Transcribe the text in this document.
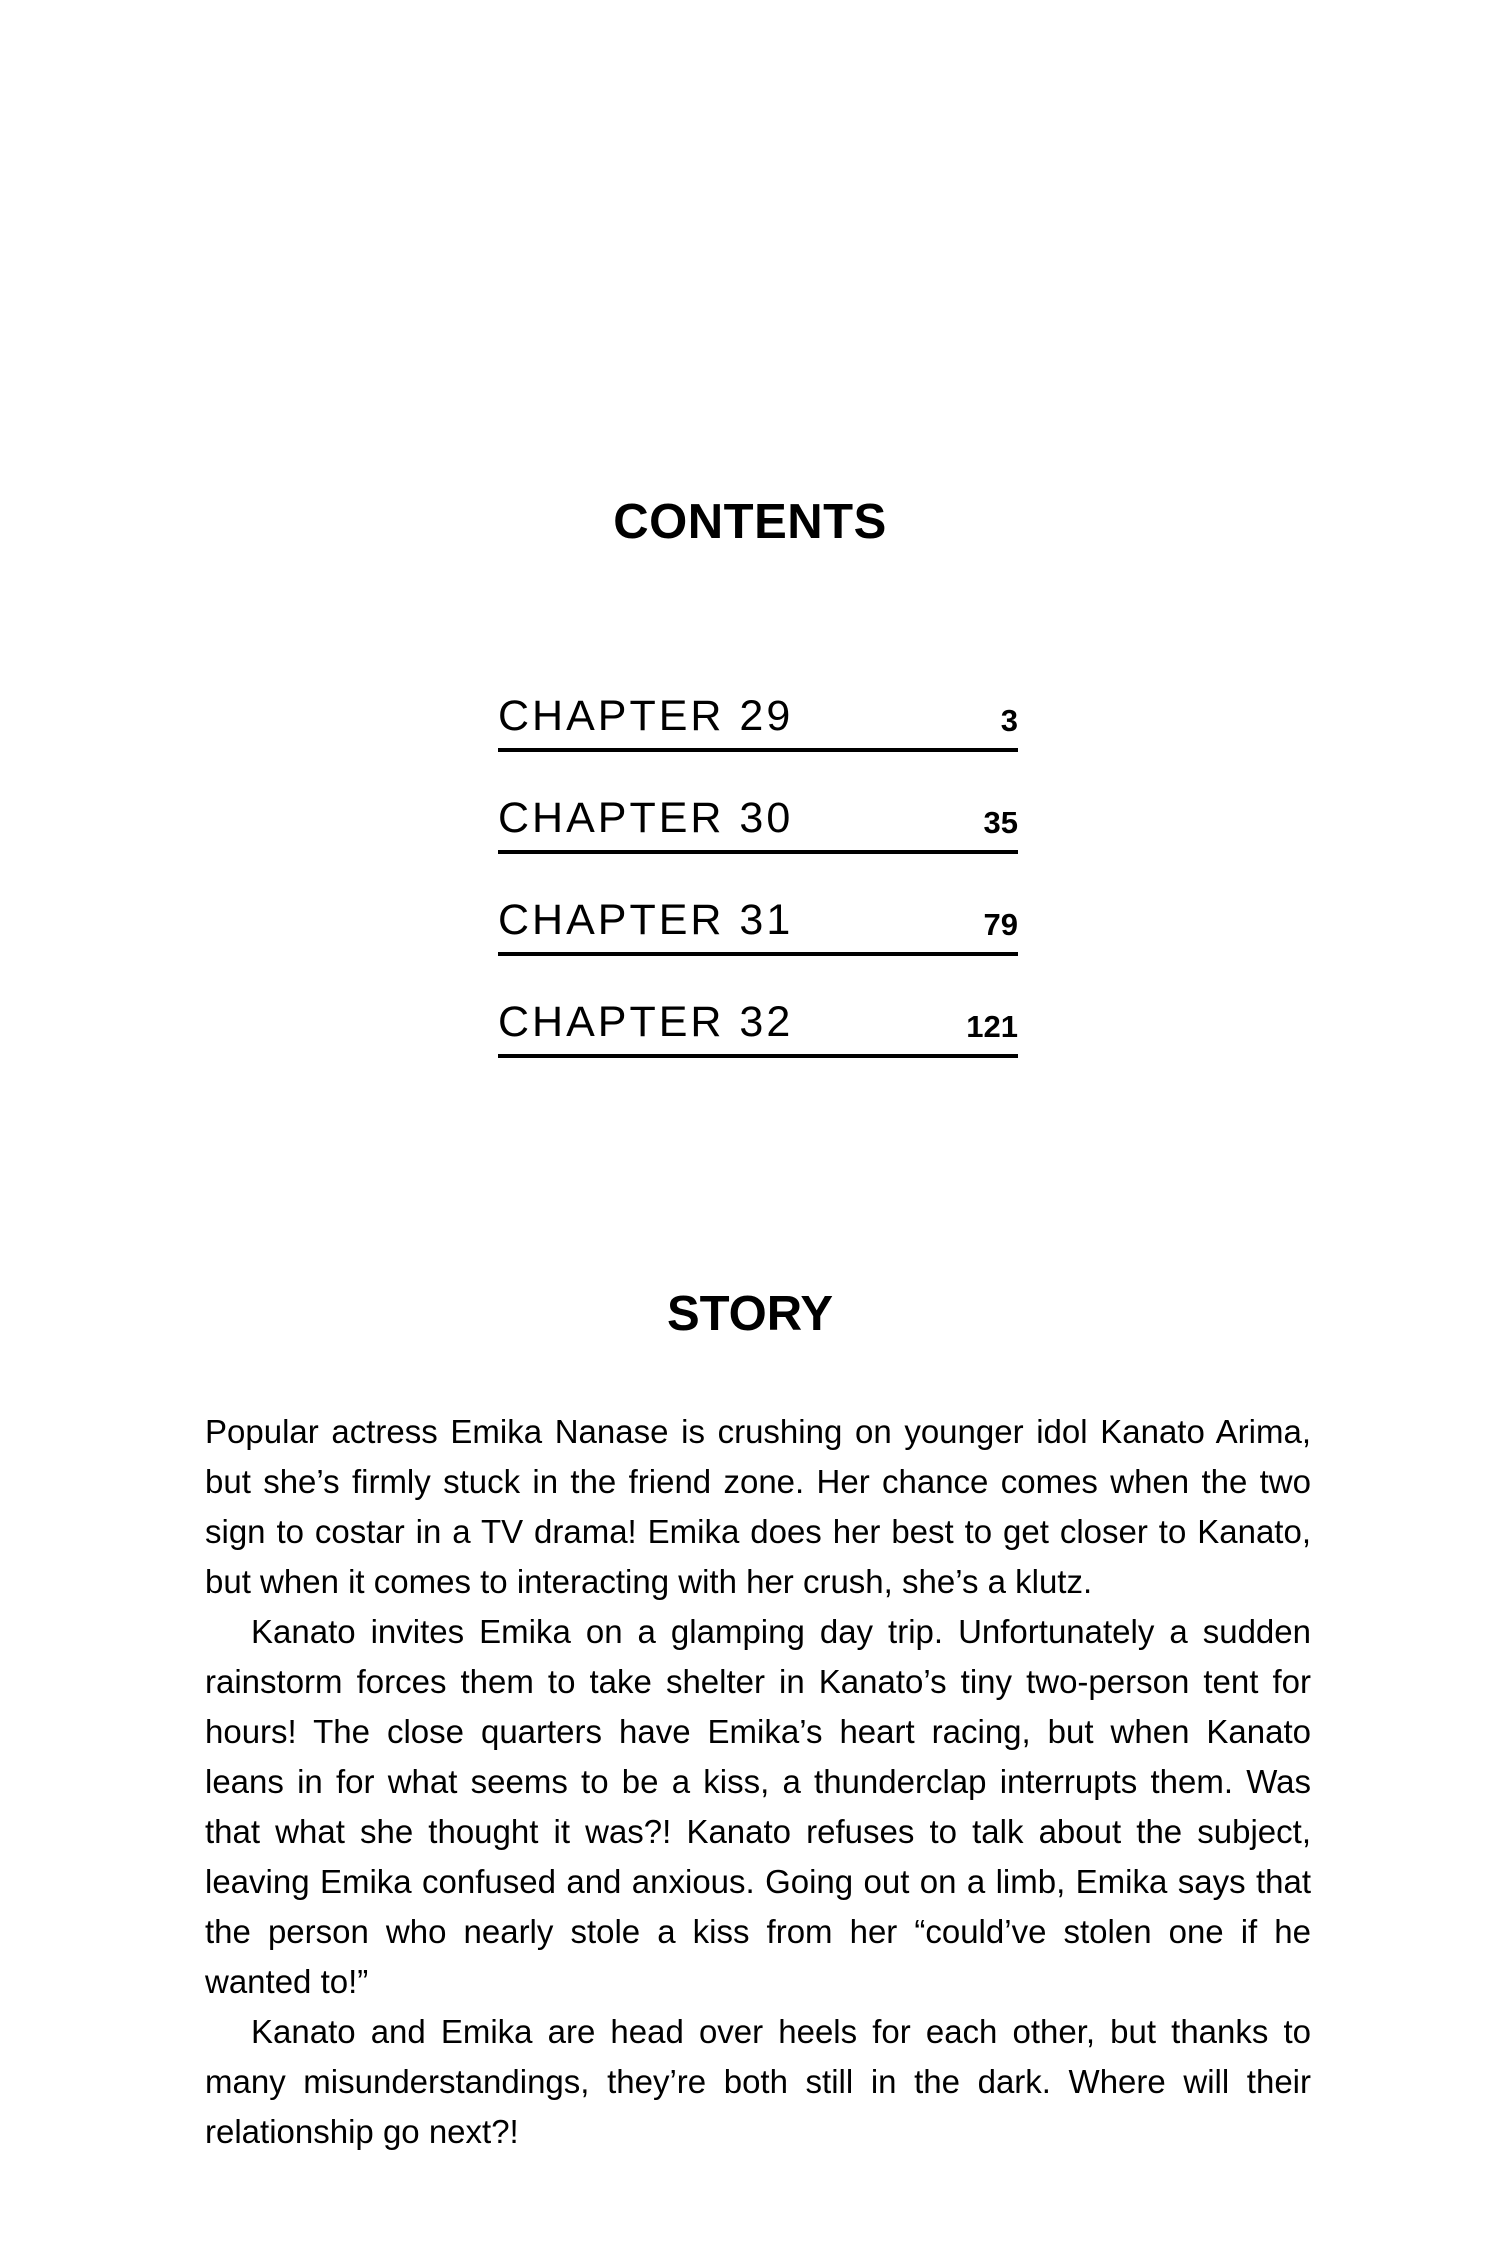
CONTENTS
CHAPTER 29	3
CHAPTER 30	35
CHAPTER 31	79
CHAPTER 32	121
STORY

Popular actress Emika Nanase is crushing on younger idol Kanato Arima, but she’s firmly stuck in the friend zone. Her chance comes when the two sign to costar in a TV drama! Emika does her best to get closer to Kanato, but when it comes to interacting with her crush, she’s a klutz.

Kanato invites Emika on a glamping day trip. Unfortunately a sudden rainstorm forces them to take shelter in Kanato’s tiny two-person tent for hours! The close quarters have Emika’s heart racing, but when Kanato leans in for what seems to be a kiss, a thunderclap interrupts them. Was that what she thought it was?! Kanato refuses to talk about the subject, leaving Emika confused and anxious. Going out on a limb, Emika says that the person who nearly stole a kiss from her “could’ve stolen one if he wanted to!”

Kanato and Emika are head over heels for each other, but thanks to many misunderstandings, they’re both still in the dark. Where will their relationship go next?!
